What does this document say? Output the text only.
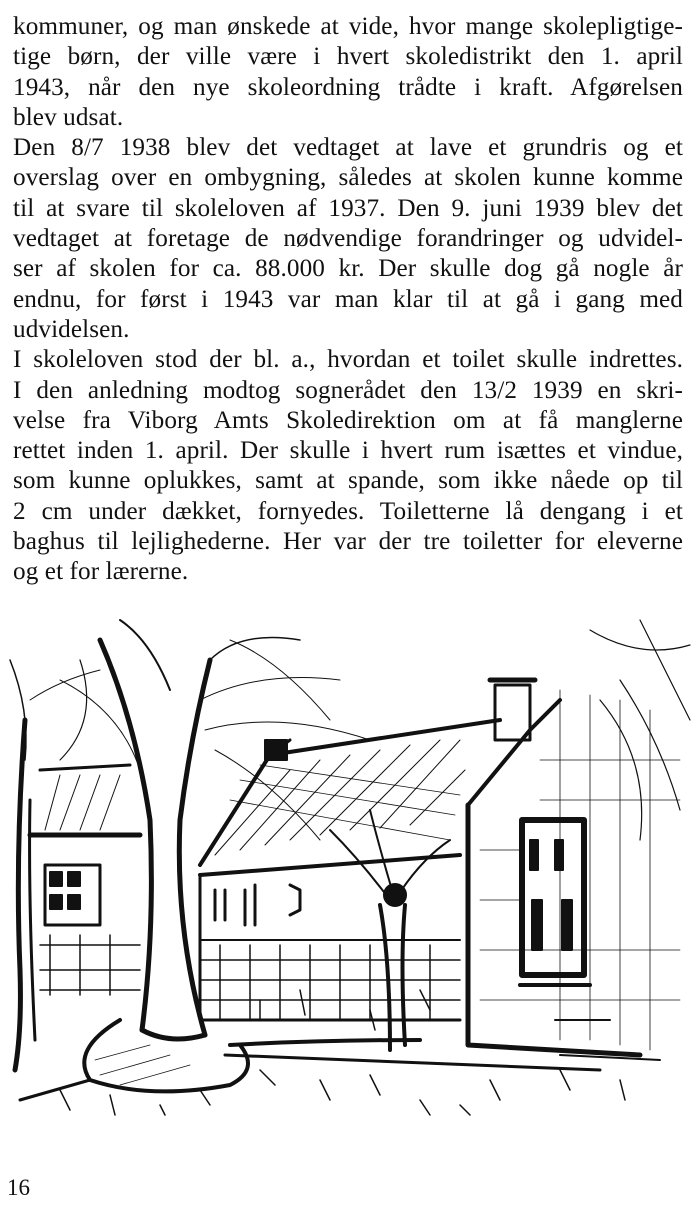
kommuner, og man ønskede at vide, hvor mange skolepligtige-
tige børn, der ville være i hvert skoledistrikt den 1. april
1943, når den nye skoleordning trådte i kraft. Afgørelsen
blev udsat.
Den 8/7 1938 blev det vedtaget at lave et grundris og et
overslag over en ombygning, således at skolen kunne komme
til at svare til skoleloven af 1937. Den 9. juni 1939 blev det
vedtaget at foretage de nødvendige forandringer og udvidel-
ser af skolen for ca. 88.000 kr. Der skulle dog gå nogle år
endnu, for først i 1943 var man klar til at gå i gang med
udvidelsen.
I skoleloven stod der bl. a., hvordan et toilet skulle indrettes.
I den anledning modtog sognerådet den 13/2 1939 en skri-
velse fra Viborg Amts Skoledirektion om at få manglerne
rettet inden 1. april. Der skulle i hvert rum isættes et vindue,
som kunne oplukkes, samt at spande, som ikke nåede op til
2 cm under dækket, fornyedes. Toiletterne lå dengang i et
baghus til lejlighederne. Her var der tre toiletter for eleverne
og et for lærerne.
16
